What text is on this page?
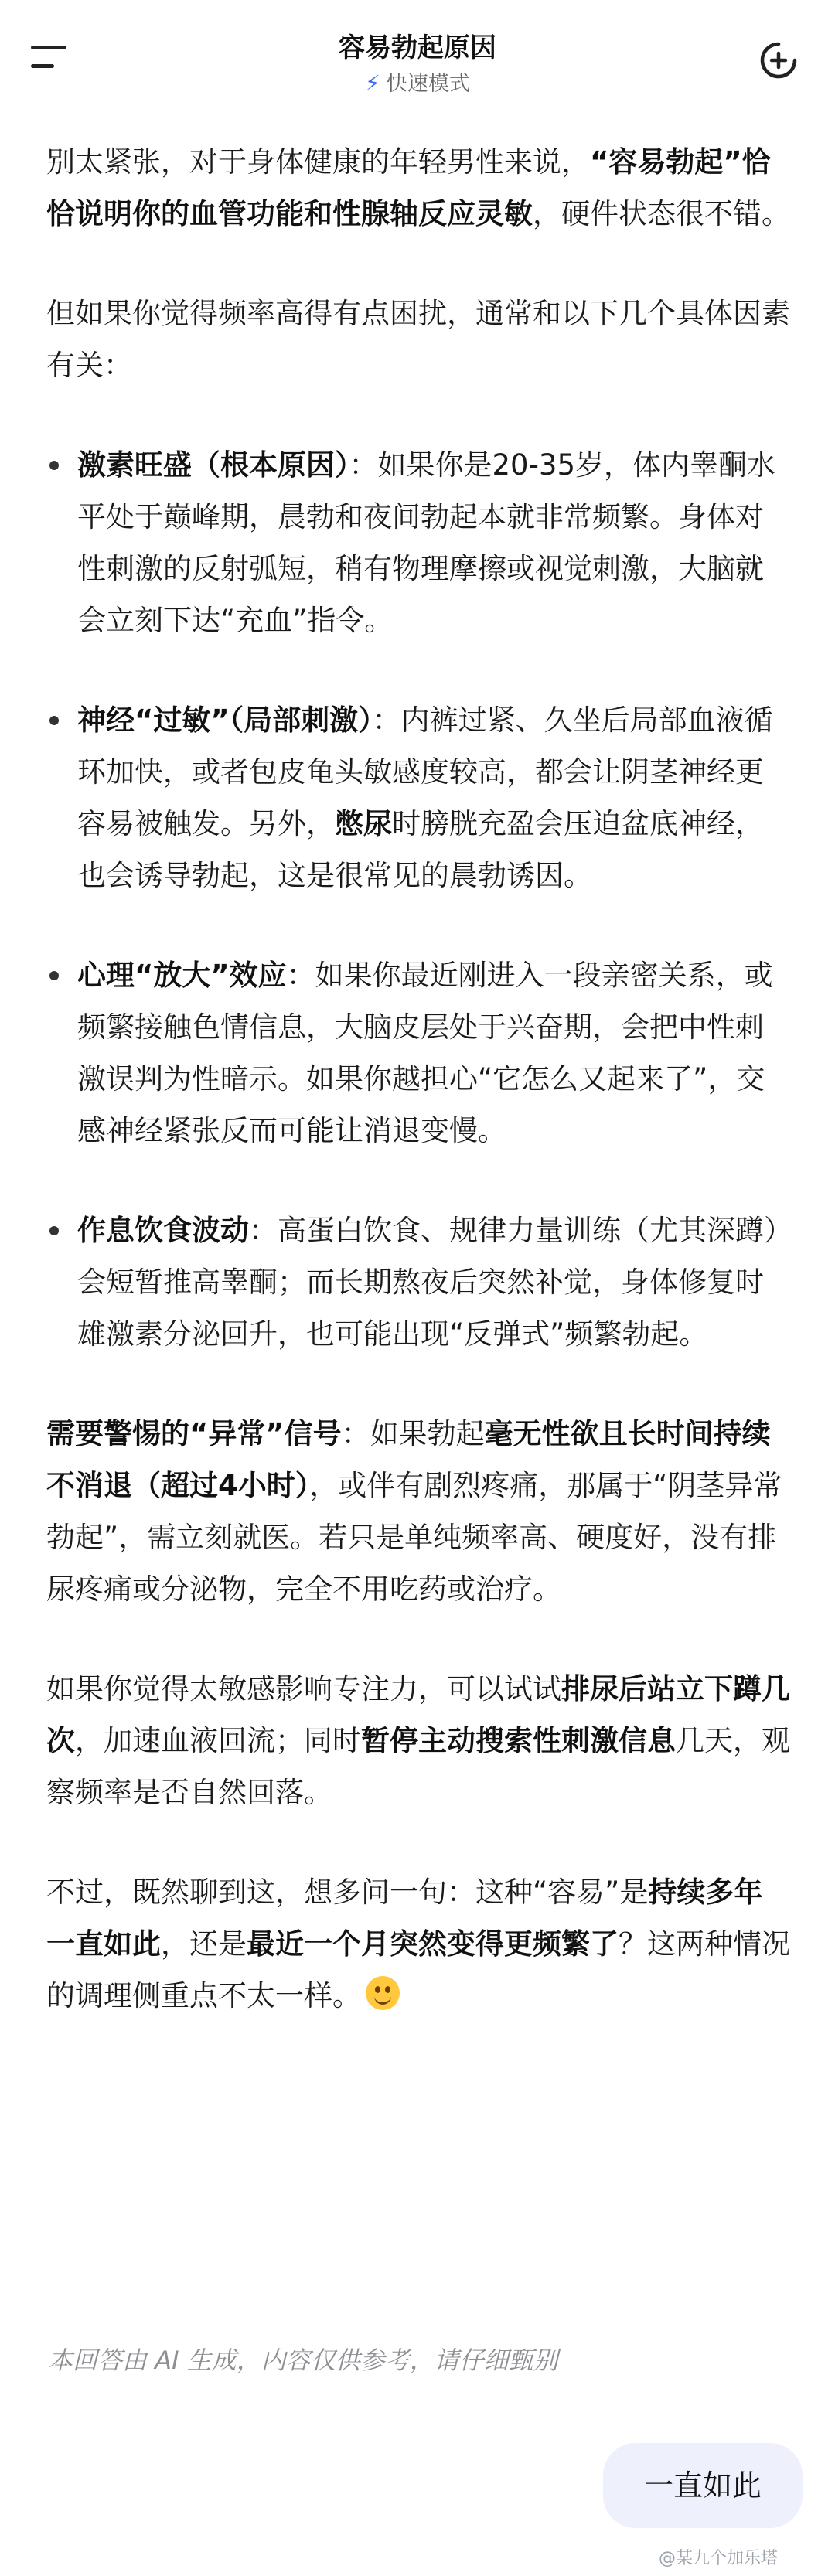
容易勃起原因
⚡ 快速模式

别太紧张，对于身体健康的年轻男性来说，“容易勃起”恰恰说明你的血管功能和性腺轴反应灵敏，硬件状态很不错。

但如果你觉得频率高得有点困扰，通常和以下几个具体因素有关：

激素旺盛（根本原因）：如果你是20-35岁，体内睾酮水平处于巅峰期，晨勃和夜间勃起本就非常频繁。身体对性刺激的反射弧短，稍有物理摩擦或视觉刺激，大脑就会立刻下达“充血”指令。

神经“过敏”（局部刺激）：内裤过紧、久坐后局部血液循环加快，或者包皮龟头敏感度较高，都会让阴茎神经更容易被触发。另外，憋尿时膀胱充盈会压迫盆底神经，也会诱导勃起，这是很常见的晨勃诱因。

心理“放大”效应：如果你最近刚进入一段亲密关系，或频繁接触色情信息，大脑皮层处于兴奋期，会把中性刺激误判为性暗示。如果你越担心“它怎么又起来了”，交感神经紧张反而可能让消退变慢。

作息饮食波动：高蛋白饮食、规律力量训练（尤其深蹲）会短暂推高睾酮；而长期熬夜后突然补觉，身体修复时雄激素分泌回升，也可能出现“反弹式”频繁勃起。

需要警惕的“异常”信号：如果勃起毫无性欲且长时间持续不消退（超过4小时），或伴有剧烈疼痛，那属于“阴茎异常勃起”，需立刻就医。若只是单纯频率高、硬度好，没有排尿疼痛或分泌物，完全不用吃药或治疗。

如果你觉得太敏感影响专注力，可以试试排尿后站立下蹲几次，加速血液回流；同时暂停主动搜索性刺激信息几天，观察频率是否自然回落。

不过，既然聊到这，想多问一句：这种“容易”是持续多年一直如此，还是最近一个月突然变得更频繁了？这两种情况的调理侧重点不太一样。

本回答由 AI 生成，内容仅供参考，请仔细甄别
一直如此
@某九个加乐塔
